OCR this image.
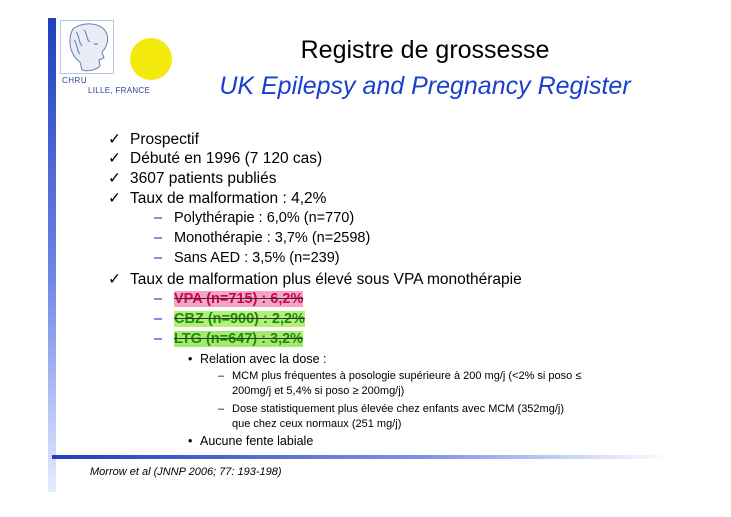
CHRU
LILLE, FRANCE
Registre de grossesse
UK Epilepsy and Pregnancy Register
✓ Prospectif
✓ Débuté en 1996 (7 120 cas)
✓ 3607 patients publiés
✓ Taux de malformation : 4,2%
– Polythérapie : 6,0% (n=770)
– Monothérapie : 3,7% (n=2598)
– Sans AED : 3,5% (n=239)
✓ Taux de malformation plus élevé sous VPA monothérapie
– VPA (n=715) : 6,2%
– CBZ (n=900) : 2,2%
– LTG (n=647) : 3,2%
• Relation avec la dose :
– MCM plus fréquentes à posologie supérieure à 200 mg/j (<2% si poso ≤
200mg/j et 5,4% si poso ≥ 200mg/j)
– Dose statistiquement plus élevée chez enfants avec MCM (352mg/j)
que chez ceux normaux (251 mg/j)
• Aucune fente labiale
Morrow et al (JNNP 2006; 77: 193-198)
